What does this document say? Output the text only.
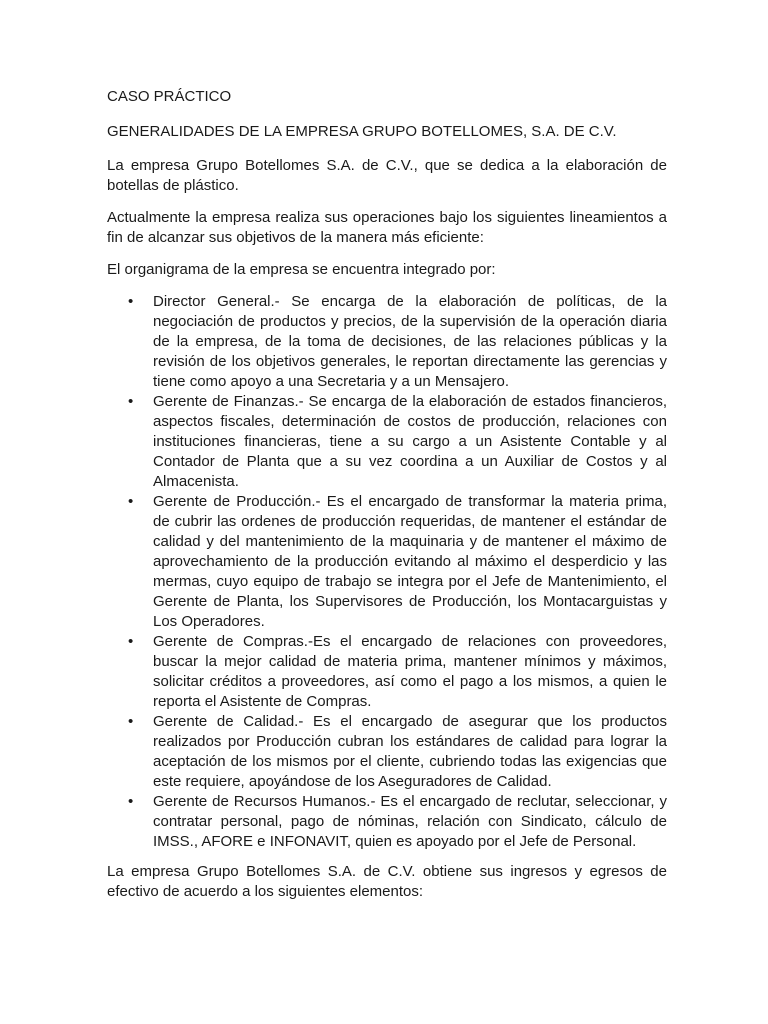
CASO PRÁCTICO

GENERALIDADES DE LA EMPRESA GRUPO BOTELLOMES, S.A. DE C.V.

La empresa Grupo Botellomes S.A. de C.V., que se dedica a la elaboración de botellas de plástico.

Actualmente la empresa realiza sus operaciones bajo los siguientes lineamientos a fin de alcanzar sus objetivos de la manera más eficiente:

El organigrama de la empresa se encuentra integrado por:

• Director General.- Se encarga de la elaboración de políticas, de la negociación de productos y precios, de la supervisión de la operación diaria de la empresa, de la toma de decisiones, de las relaciones públicas y la revisión de los objetivos generales, le reportan directamente las gerencias y tiene como apoyo a una Secretaria y a un Mensajero.
• Gerente de Finanzas.- Se encarga de la elaboración de estados financieros, aspectos fiscales, determinación de costos de producción, relaciones con instituciones financieras, tiene a su cargo a un Asistente Contable y al Contador de Planta que a su vez coordina a un Auxiliar de Costos y al Almacenista.
• Gerente de Producción.- Es el encargado de transformar la materia prima, de cubrir las ordenes de producción requeridas, de mantener el estándar de calidad y del mantenimiento de la maquinaria y de mantener el máximo de aprovechamiento de la producción evitando al máximo el desperdicio y las mermas, cuyo equipo de trabajo se integra por el Jefe de Mantenimiento, el Gerente de Planta, los Supervisores de Producción, los Montacarguistas y Los Operadores.
• Gerente de Compras.-Es el encargado de relaciones con proveedores, buscar la mejor calidad de materia prima, mantener mínimos y máximos, solicitar créditos a proveedores, así como el pago a los mismos, a quien le reporta el Asistente de Compras.
• Gerente de Calidad.- Es el encargado de asegurar que los productos realizados por Producción cubran los estándares de calidad para lograr la aceptación de los mismos por el cliente, cubriendo todas las exigencias que este requiere, apoyándose de los Aseguradores de Calidad.
• Gerente de Recursos Humanos.- Es el encargado de reclutar, seleccionar, y contratar personal, pago de nóminas, relación con Sindicato, cálculo de IMSS., AFORE e INFONAVIT, quien es apoyado por el Jefe de Personal.

La empresa Grupo Botellomes S.A. de C.V. obtiene sus ingresos y egresos de efectivo de acuerdo a los siguientes elementos:
